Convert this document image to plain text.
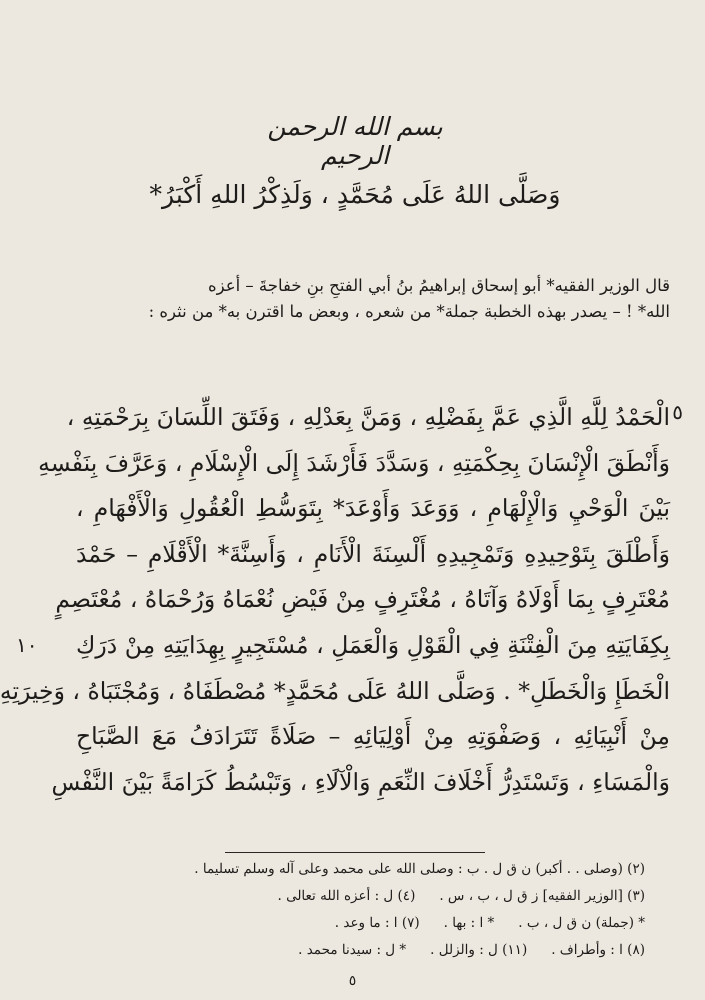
بسم الله الرحمن الرحيم
وَصَلَّى اللهُ عَلَى مُحَمَّدٍ ، وَلَذِكْرُ اللهِ أَكْبَرُ*

قال الوزير الفقيه* أبو إسحاق إبراهيمُ بنُ أبي الفتحِ بنِ خفاجةَ – أعزه

الله* ! – يصدر بهذه الخطبة جملة* من شعره ، وبعض ما اقترن به* من نثره :

الْحَمْدُ لِلَّهِ الَّذِي عَمَّ بِفَضْلِهِ ، وَمَنَّ بِعَدْلِهِ ، وَفَتَقَ اللِّسَانَ بِرَحْمَتِهِ ،
وَأَنْطَقَ الْإِنْسَانَ بِحِكْمَتِهِ ، وَسَدَّدَ فَأَرْشَدَ إِلَى الْإِسْلَامِ ، وَعَرَّفَ بِنَفْسِهِ
بَيْنَ الْوَحْيِ وَالْإِلْهَامِ ، وَوَعَدَ وَأَوْعَدَ* بِتَوَسُّطِ الْعُقُولِ وَالْأَفْهَامِ ،
وَأَطْلَقَ بِتَوْحِيدِهِ وَتَمْجِيدِهِ أَلْسِنَةَ الْأَنَامِ ، وَأَسِنَّةَ* الْأَقْلَامِ – حَمْدَ
مُعْتَرِفٍ بِمَا أَوْلَاهُ وَآتَاهُ ، مُغْتَرِفٍ مِنْ فَيْضِ نُعْمَاهُ وَرُحْمَاهُ ، مُعْتَصِمٍ
بِكِفَايَتِهِ مِنَ الْفِتْنَةِ فِي الْقَوْلِ وَالْعَمَلِ ، مُسْتَجِيرٍ بِهِدَايَتِهِ مِنْ دَرَكِ
الْخَطَإِ وَالْخَطَلِ* . وَصَلَّى اللهُ عَلَى مُحَمَّدٍ* مُصْطَفَاهُ ، وَمُجْتَبَاهُ ، وَخِيرَتِهِ
مِنْ أَنْبِيَائِهِ ، وَصَفْوَتِهِ مِنْ أَوْلِيَائِهِ – صَلَاةً تَتَرَادَفُ مَعَ الصَّبَاحِ
وَالْمَسَاءِ ، وَتَسْتَدِرُّ أَخْلَافَ النِّعَمِ وَالْآلَاءِ ، وَتَبْسُطُ كَرَامَةً بَيْنَ النَّفْسِ
٥
١٠
(٢) (وصلى . . أكبر) ن ق ل . ب : وصلى الله على محمد وعلى آله وسلم تسليما .
(٣) [الوزير الفقيه] ز ق ل ، ب ، س .
(٤) ل : أعزه الله تعالى .
* (جملة) ن ق ل ، ب .
* ا : بها .
(٧) ا : ما وعد .
(٨) ا : وأطراف .
(١١) ل : والزلل .
* ل : سيدنا محمد .
٥
